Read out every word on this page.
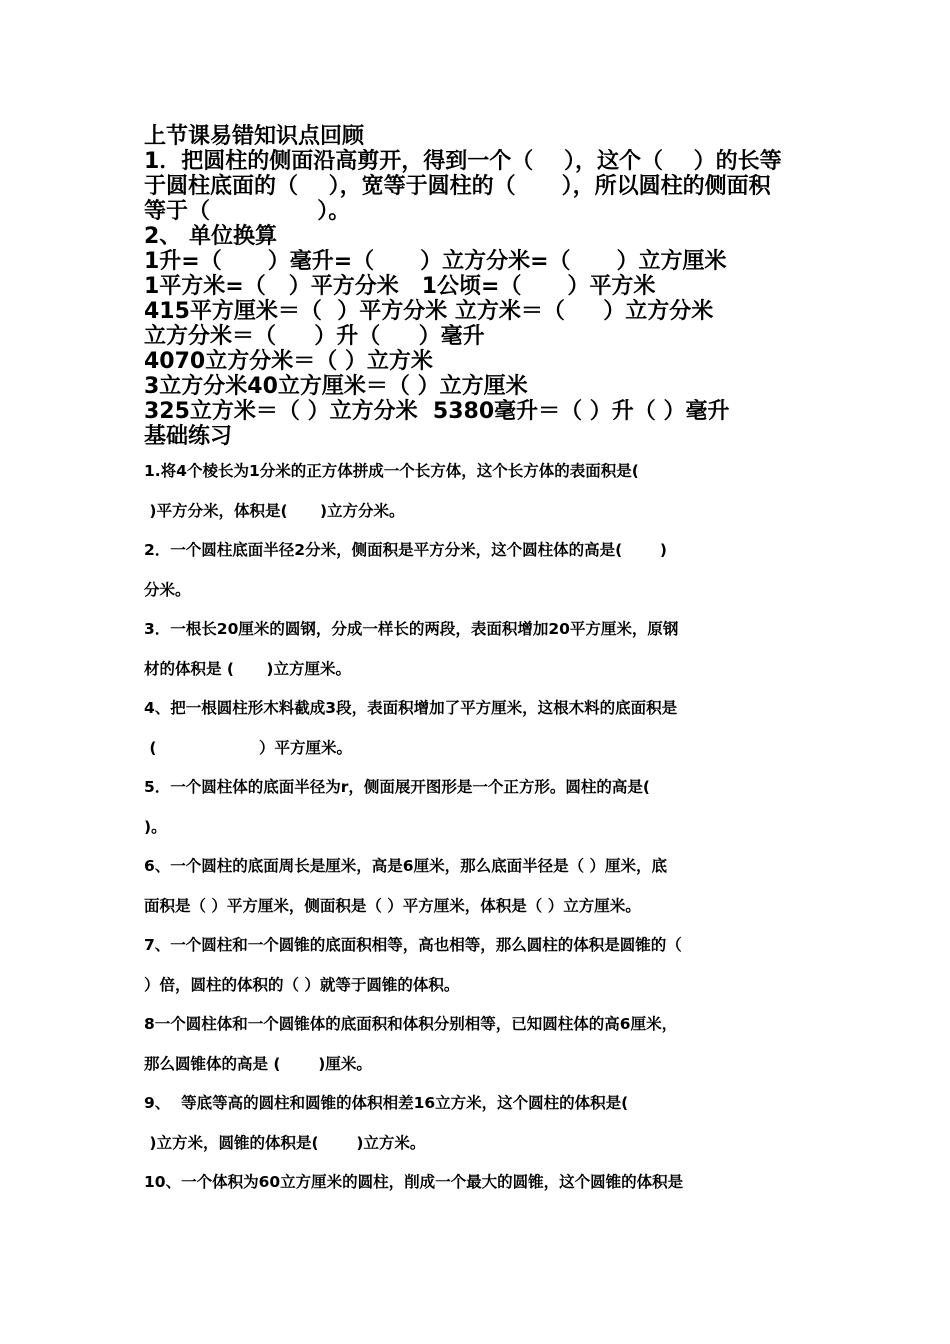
上节课易错知识点回顾
1．把圆柱的侧面沿高剪开，得到一个（    ），这个（    ）的长等
于圆柱底面的（    ），宽等于圆柱的（      ），所以圆柱的侧面积
等于（              ）。
2、 单位换算
1升=（      ）毫升=（      ）立方分米=（      ）立方厘米
1平方米=（   ）平方分米   1公顷=（      ）平方米
415平方厘米＝（  ）平方分米 立方米＝（     ）立方分米
立方分米＝（     ）升（     ）毫升
4070立方分米＝（ ）立方米
3立方分米40立方厘米＝（ ）立方厘米
325立方米＝（ ）立方分米  5380毫升＝（ ）升（ ）毫升
基础练习
1.将4个棱长为1分米的正方体拼成一个长方体，这个长方体的表面积是(
)平方分米，体积是(      )立方分米。
2．一个圆柱底面半径2分米，侧面积是平方分米，这个圆柱体的高是(       )
分米。
3．一根长20厘米的圆钢，分成一样长的两段，表面积增加20平方厘米，原钢
材的体积是 (      )立方厘米。
4、把一根圆柱形木料截成3段，表面积增加了平方厘米，这根木料的底面积是
(                   ）平方厘米。
5．一个圆柱体的底面半径为r，侧面展开图形是一个正方形。圆柱的高是(
)。
6、一个圆柱的底面周长是厘米，高是6厘米，那么底面半径是（ ）厘米，底
面积是（ ）平方厘米，侧面积是（ ）平方厘米，体积是（ ）立方厘米。
7、一个圆柱和一个圆锥的底面积相等，高也相等，那么圆柱的体积是圆锥的（
）倍，圆柱的体积的（ ）就等于圆锥的体积。
8一个圆柱体和一个圆锥体的底面积和体积分别相等，已知圆柱体的高6厘米，
那么圆锥体的高是 (       )厘米。
9、  等底等高的圆柱和圆锥的体积相差16立方米，这个圆柱的体积是(
)立方米，圆锥的体积是(       )立方米。
10、一个体积为60立方厘米的圆柱，削成一个最大的圆锥，这个圆锥的体积是
